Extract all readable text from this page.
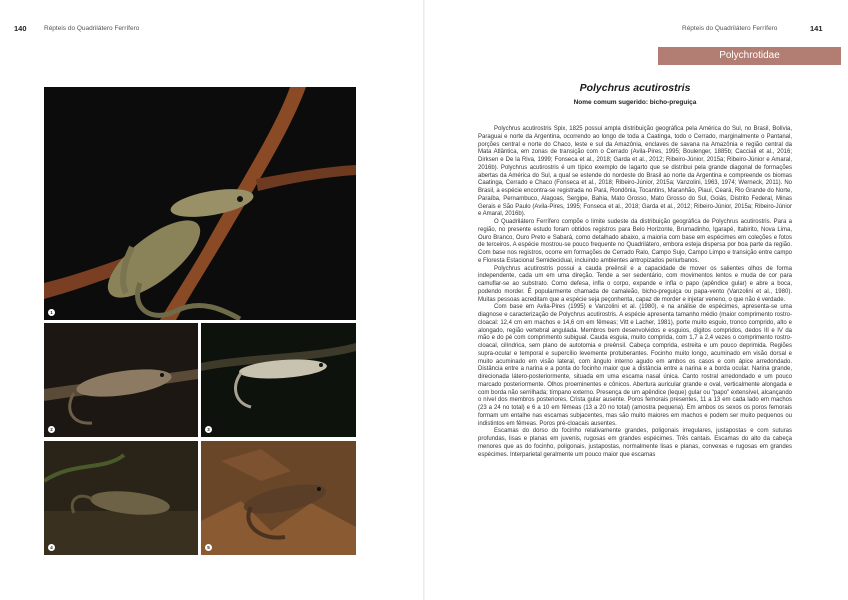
140	Répteis do Quadrilátero Ferrífero	Répteis do Quadrilátero Ferrífero	141
Polychrotidae
1
2	3
4	5
Polychrus acutirostris
Nome comum sugerido: bicho-preguiça

Polychrus acutirostris Spix, 1825 possui ampla distribuição geográfica pela América do Sul, no Brasil, Bolívia, Paraguai e norte da Argentina, ocorrendo ao longo de toda a Caatinga, todo o Cerrado, marginalmente o Pantanal, porções central e norte do Chaco, leste e sul da Amazônia, enclaves de savana na Amazônia e região central da Mata Atlântica, em zonas de transição com o Cerrado (Avila-Pires, 1995; Boulenger, 1885b; Cacciali et al., 2016; Dirksen e De la Riva, 1999; Fonseca et al., 2018; Garda et al., 2012; Ribeiro-Júnior, 2015a; Ribeiro-Júnior e Amaral, 2016b). Polychrus acutirostris é um típico exemplo de lagarto que se distribui pela grande diagonal de formações abertas da América do Sul, a qual se estende do nordeste do Brasil ao norte da Argentina e compreende os biomas Caatinga, Cerrado e Chaco (Fonseca et al., 2018; Ribeiro-Júnior, 2015a; Vanzolini, 1963, 1974; Werneck, 2011). No Brasil, a espécie encontra-se registrada no Pará, Rondônia, Tocantins, Maranhão, Piauí, Ceará, Rio Grande do Norte, Paraíba, Pernambuco, Alagoas, Sergipe, Bahia, Mato Grosso, Mato Grosso do Sul, Goiás, Distrito Federal, Minas Gerais e São Paulo (Avila-Pires, 1995; Fonseca et al., 2018; Garda et al., 2012; Ribeiro-Júnior, 2015a; Ribeiro-Júnior e Amaral, 2016b).

O Quadrilátero Ferrífero compõe o limite sudeste da distribuição geográfica de Polychrus acutirostris. Para a região, no presente estudo foram obtidos registros para Belo Horizonte, Brumadinho, Igarapé, Itabirito, Nova Lima, Ouro Branco, Ouro Preto e Sabará, como detalhado abaixo, a maioria com base em espécimes em coleções e fotos de terceiros. A espécie mostrou-se pouco frequente no Quadrilátero, embora esteja dispersa por boa parte da região. Com base nos registros, ocorre em formações de Cerrado Ralo, Campo Sujo, Campo Limpo e transição entre campo e Floresta Estacional Semidecidual, incluindo ambientes antropizados periurbanos.

Polychrus acutirostris possui a cauda preênsil e a capacidade de mover os salientes olhos de forma independente, cada um em uma direção. Tende a ser sedentário, com movimentos lentos e muda de cor para camuflar-se ao substrato. Como defesa, infla o corpo, expande e infla o papo (apêndice gular) e abre a boca, podendo morder. É popularmente chamada de camaleão, bicho-preguiça ou papa-vento (Vanzolini et al., 1980). Muitas pessoas acreditam que a espécie seja peçonhenta, capaz de morder e injetar veneno, o que não é verdade.

Com base em Avila-Pires (1995) e Vanzolini et al. (1980), e na análise de espécimes, apresenta-se uma diagnose e caracterização de Polychrus acutirostris. A espécie apresenta tamanho médio (maior comprimento rostro-cloacal: 12,4 cm em machos e 14,6 cm em fêmeas; Vitt e Lacher, 1981), porte muito esguio, tronco comprido, alto e alongado, região vertebral angulada. Membros bem desenvolvidos e esguios, dígitos compridos, dedos III e IV da mão e do pé com comprimento subigual. Cauda esguia, muito comprida, com 1,7 a 2,4 vezes o comprimento rostro-cloacal, cilíndrica, sem plano de autotomia e preênsil. Cabeça comprida, estreita e um pouco deprimida. Regiões supra-ocular e temporal e supercílio levemente protuberantes. Focinho muito longo, acuminado em visão dorsal e muito acuminado em visão lateral, com ângulo interno agudo em ambos os casos e com ápice arredondado. Distância entre a narina e a ponta do focinho maior que a distância entre a narina e a borda ocular. Narina grande, direcionada látero-posteriormente, situada em uma escama nasal única. Canto rostral arredondado e um pouco marcado posteriormente. Olhos proeminentes e cônicos. Abertura auricular grande e oval, verticalmente alongada e com borda não serrilhada; tímpano externo. Presença de um apêndice (leque) gular ou "papo" extensível, alcançando o nível dos membros posteriores. Crista gular ausente. Poros femorais presentes, 11 a 13 em cada lado em machos (23 a 24 no total) e 6 a 10 em fêmeas (13 a 20 no total) (amostra pequena). Em ambos os sexos os poros femorais formam um entalhe nas escamas subjacentes, mas são muito maiores em machos e podem ser muito pequenos ou indistintos em fêmeas. Poros pré-cloacais ausentes.

Escamas do dorso do focinho relativamente grandes, poligonais irregulares, justapostas e com suturas profundas, lisas e planas em juvenis, rugosas em grandes espécimes. Três cantais. Escamas do alto da cabeça menores que as do focinho, poligonais, justapostas, normalmente lisas e planas, convexas e rugosas em grandes espécimes. Interparietal geralmente um pouco maior que escamas
